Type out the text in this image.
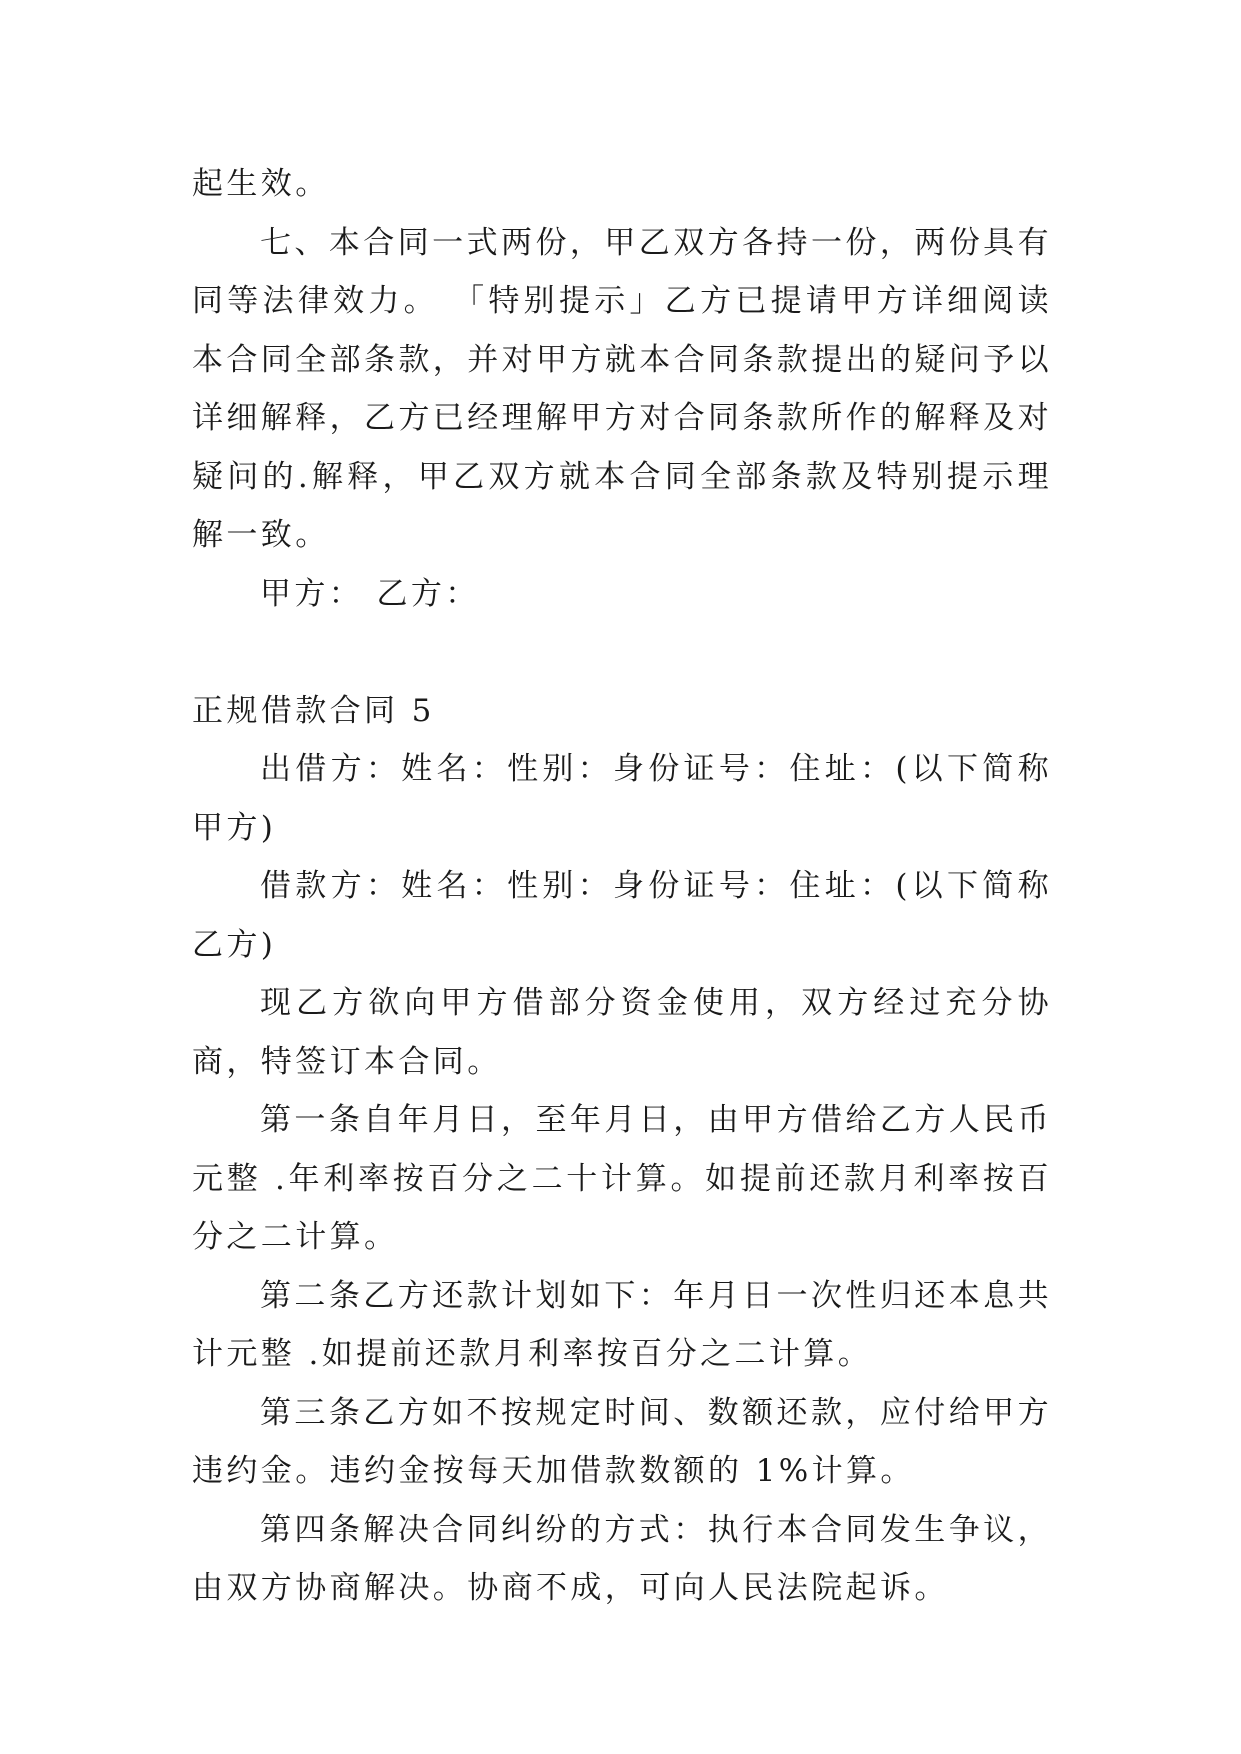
起生效。

七、本合同一式两份，甲乙双方各持一份，两份具有同等法律效力。 「特别提示」乙方已提请甲方详细阅读本合同全部条款，并对甲方就本合同条款提出的疑问予以详细解释，乙方已经理解甲方对合同条款所作的解释及对疑问的.解释，甲乙双方就本合同全部条款及特别提示理解一致。

甲方： 乙方：

正规借款合同 5

出借方：姓名：性别：身份证号：住址：(以下简称甲方)

借款方：姓名：性别：身份证号：住址：(以下简称乙方)

现乙方欲向甲方借部分资金使用，双方经过充分协商，特签订本合同。

第一条自年月日，至年月日，由甲方借给乙方人民币元整 .年利率按百分之二十计算。如提前还款月利率按百分之二计算。

第二条乙方还款计划如下：年月日一次性归还本息共计元整 .如提前还款月利率按百分之二计算。

第三条乙方如不按规定时间、数额还款，应付给甲方违约金。违约金按每天加借款数额的 1%计算。

第四条解决合同纠纷的方式：执行本合同发生争议，由双方协商解决。协商不成，可向人民法院起诉。
